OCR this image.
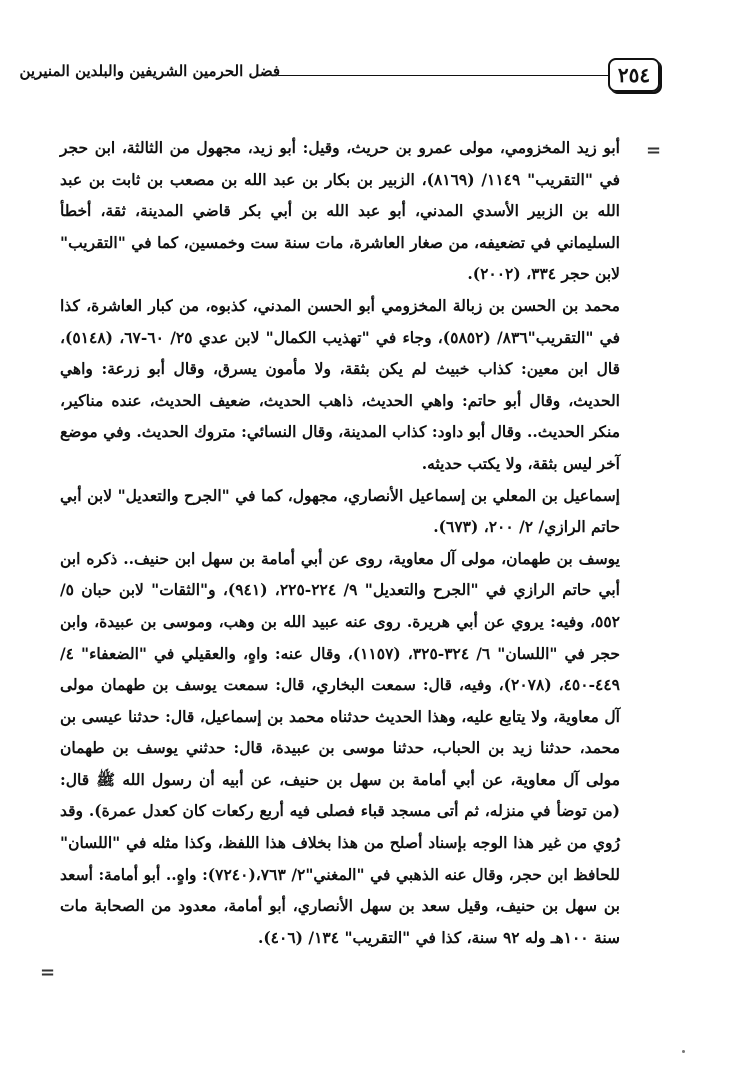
٢٥٤
فضل الحرمين الشريفين والبلدين المنيرين
=

أبو زيد المخزومي، مولى عمرو بن حريث، وقيل: أبو زيد، مجهول من الثالثة، ابن حجر في "التقريب" ١١٤٩/ (٨١٦٩)، الزبير بن بكار بن عبد الله بن مصعب بن ثابت بن عبد الله بن الزبير الأسدي المدني، أبو عبد الله بن أبي بكر قاضي المدينة، ثقة، أخطأ السليماني في تضعيفه، من صغار العاشرة، مات سنة ست وخمسين، كما في "التقريب" لابن حجر ٣٣٤، (٢٠٠٢).

محمد بن الحسن بن زبالة المخزومي أبو الحسن المدني، كذبوه، من كبار العاشرة، كذا في "التقريب"٨٣٦/ (٥٨٥٢)، وجاء في "تهذيب الكمال" لابن عدي ٢٥/ ٦٠-٦٧، (٥١٤٨)، قال ابن معين: كذاب خبيث لم يكن بثقة، ولا مأمون يسرق، وقال أبو زرعة: واهي الحديث، وقال أبو حاتم: واهي الحديث، ذاهب الحديث، ضعيف الحديث، عنده مناكير، منكر الحديث.. وقال أبو داود: كذاب المدينة، وقال النسائي: متروك الحديث. وفي موضع آخر ليس بثقة، ولا يكتب حديثه.

إسماعيل بن المعلي بن إسماعيل الأنصاري، مجهول، كما في "الجرح والتعديل" لابن أبي حاتم الرازي/ ٢/ ٢٠٠، (٦٧٣).

يوسف بن طهمان، مولى آل معاوية، روى عن أبي أمامة بن سهل ابن حنيف.. ذكره ابن أبي حاتم الرازي في "الجرح والتعديل" ٩/ ٢٢٤-٢٢٥، (٩٤١)، و"الثقات" لابن حبان ٥/ ٥٥٢، وفيه: يروي عن أبي هريرة. روى عنه عبيد الله بن وهب، وموسى بن عبيدة، وابن حجر في "اللسان" ٦/ ٣٢٤-٣٢٥، (١١٥٧)، وقال عنه: واهٍ، والعقيلي في "الضعفاء" ٤/ ٤٤٩-٤٥٠، (٢٠٧٨)، وفيه، قال: سمعت البخاري، قال: سمعت يوسف بن طهمان مولى آل معاوية، ولا يتابع عليه، وهذا الحديث حدثناه محمد بن إسماعيل، قال: حدثنا عيسى بن محمد، حدثنا زيد بن الحباب، حدثنا موسى بن عبيدة، قال: حدثني يوسف بن طهمان مولى آل معاوية، عن أبي أمامة بن سهل بن حنيف، عن أبيه أن رسول الله ﷺ قال: (من توضأ في منزله، ثم أتى مسجد قباء فصلى فيه أربع ركعات كان كعدل عمرة). وقد رُوي من غير هذا الوجه بإسناد أصلح من هذا بخلاف هذا اللفظ، وكذا مثله في "اللسان" للحافظ ابن حجر، وقال عنه الذهبي في "المغني"٢/ ٧٦٣،(٧٢٤٠): واهٍ.. أبو أمامة: أسعد بن سهل بن حنيف، وقيل سعد بن سهل الأنصاري، أبو أمامة، معدود من الصحابة مات سنة ١٠٠هـ وله ٩٢ سنة، كذا في "التقريب" ١٣٤/ (٤٠٦).

=
